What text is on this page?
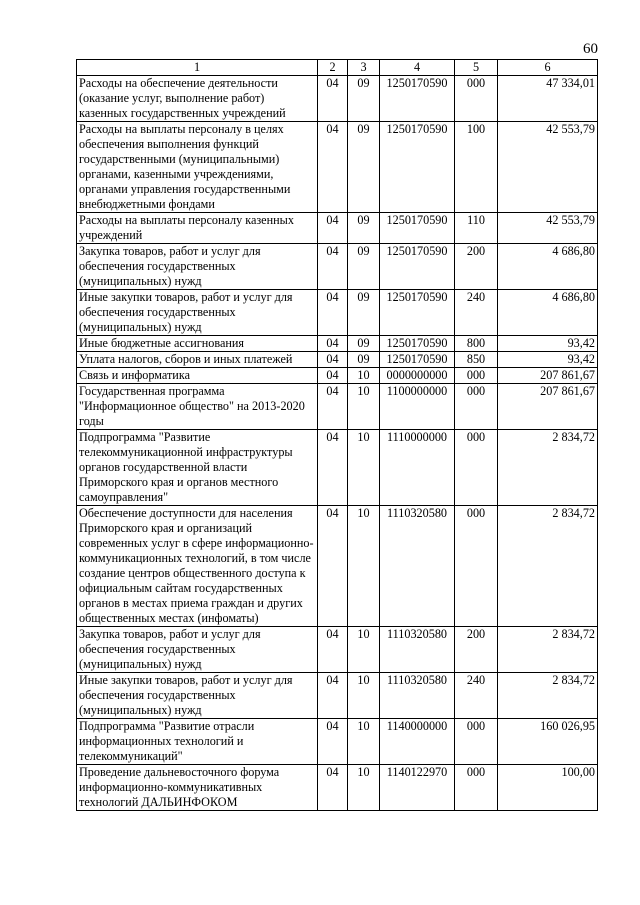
60
1	2	3	4	5	6
Расходы на обеспечение деятельности (оказание услуг, выполнение работ) казенных государственных учреждений	04	09	1250170590	000	47 334,01
Расходы на выплаты персоналу в целях обеспечения выполнения функций государственными (муниципальными) органами, казенными учреждениями, органами управления государственными внебюджетными фондами	04	09	1250170590	100	42 553,79
Расходы на выплаты персоналу казенных учреждений	04	09	1250170590	110	42 553,79
Закупка товаров, работ и услуг для обеспечения государственных (муниципальных) нужд	04	09	1250170590	200	4 686,80
Иные закупки товаров, работ и услуг для обеспечения государственных (муниципальных) нужд	04	09	1250170590	240	4 686,80
Иные бюджетные ассигнования	04	09	1250170590	800	93,42
Уплата налогов, сборов и иных платежей	04	09	1250170590	850	93,42
Связь и информатика	04	10	0000000000	000	207 861,67
Государственная программа "Информационное общество" на 2013-2020 годы	04	10	1100000000	000	207 861,67
Подпрограмма "Развитие телекоммуникационной инфраструктуры органов государственной власти Приморского края и органов местного самоуправления"	04	10	1110000000	000	2 834,72
Обеспечение доступности для населения Приморского края и организаций современных услуг в сфере информационно-коммуникационных технологий, в том числе создание центров общественного доступа к официальным сайтам государственных органов в местах приема граждан и других общественных местах (инфоматы)	04	10	1110320580	000	2 834,72
Закупка товаров, работ и услуг для обеспечения государственных (муниципальных) нужд	04	10	1110320580	200	2 834,72
Иные закупки товаров, работ и услуг для обеспечения государственных (муниципальных) нужд	04	10	1110320580	240	2 834,72
Подпрограмма "Развитие отрасли информационных технологий и телекоммуникаций"	04	10	1140000000	000	160 026,95
Проведение дальневосточного форума информационно-коммуникативных технологий ДАЛЬИНФОКОМ	04	10	1140122970	000	100,00
